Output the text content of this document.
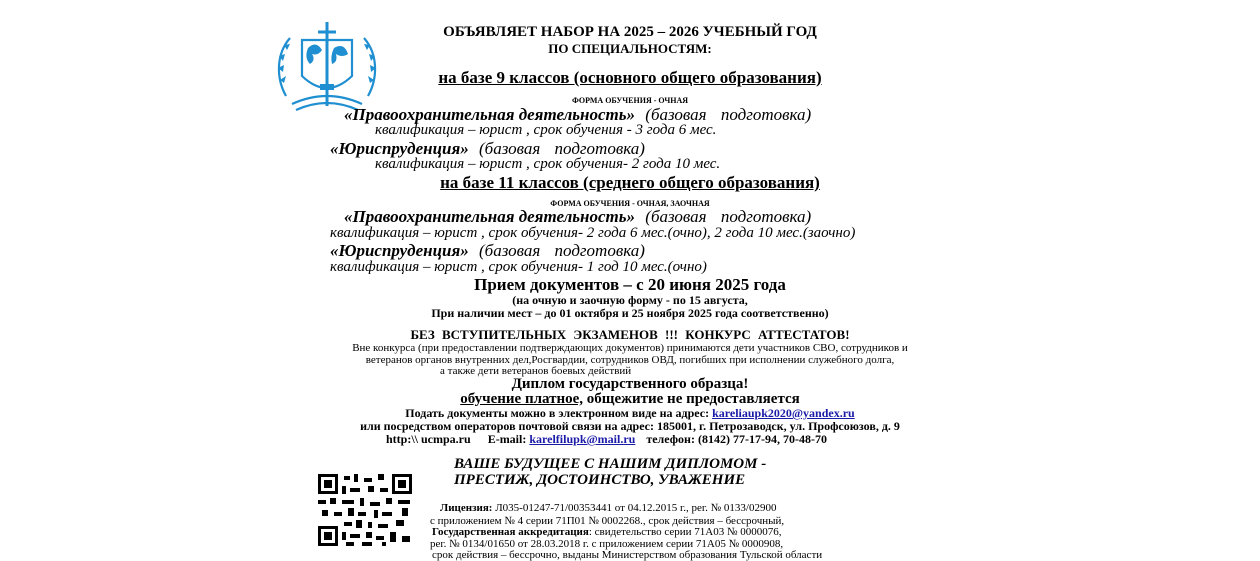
ОБЪЯВЛЯЕТ НАБОР НА 2025 – 2026 УЧЕБНЫЙ ГОД
ПО СПЕЦИАЛЬНОСТЯМ:
на базе 9 классов (основного общего образования)
ФОРМА ОБУЧЕНИЯ - ОЧНАЯ
«Правоохранительная деятельность» (базовая подготовка)
квалификация – юрист , срок обучения - 3 года 6 мес.
«Юриспруденция» (базовая подготовка)
квалификация – юрист , срок обучения- 2 года 10 мес.
на базе 11 классов (среднего общего образования)
ФОРМА ОБУЧЕНИЯ - ОЧНАЯ, ЗАОЧНАЯ
«Правоохранительная деятельность» (базовая подготовка)
квалификация – юрист , срок обучения- 2 года 6 мес.(очно), 2 года 10 мес.(заочно)
«Юриспруденция» (базовая подготовка)
квалификация – юрист , срок обучения- 1 год 10 мес.(очно)
Прием документов – с 20 июня 2025 года
(на очную и заочную форму - по 15 августа,
При наличии мест – до 01 октября и 25 ноября 2025 года соответственно)
БЕЗ ВСТУПИТЕЛЬНЫХ ЭКЗАМЕНОВ !!! КОНКУРС АТТЕСТАТОВ!
Вне конкурса (при предоставлении подтверждающих документов) принимаются дети участников СВО, сотрудников и
ветеранов органов внутренних дел,Росгвардии, сотрудников ОВД, погибших при исполнении служебного долга,
а также дети ветеранов боевых действий
Диплом государственного образца!
обучение платное, общежитие не предоставляется
Подать документы можно в электронном виде на адрес: kareliaupk2020@yandex.ru
или посредством операторов почтовой связи на адрес: 185001, г. Петрозаводск, ул. Профсоюзов, д. 9
http:\\ ucmpa.ru E-mail: karelfilupk@mail.ru телефон: (8142) 77-17-94, 70-48-70
ВАШЕ БУДУЩЕЕ С НАШИМ ДИПЛОМОМ -
ПРЕСТИЖ, ДОСТОИНСТВО, УВАЖЕНИЕ
Лицензия: Л035-01247-71/00353441 от 04.12.2015 г., рег. № 0133/02900
с приложением № 4 серии 71П01 № 0002268., срок действия – бессрочный,
Государственная аккредитация: свидетельство серии 71А03 № 0000076,
рег. № 0134/01650 от 28.03.2018 г. с приложением серии 71А05 № 0000908,
срок действия – бессрочно, выданы Министерством образования Тульской области
